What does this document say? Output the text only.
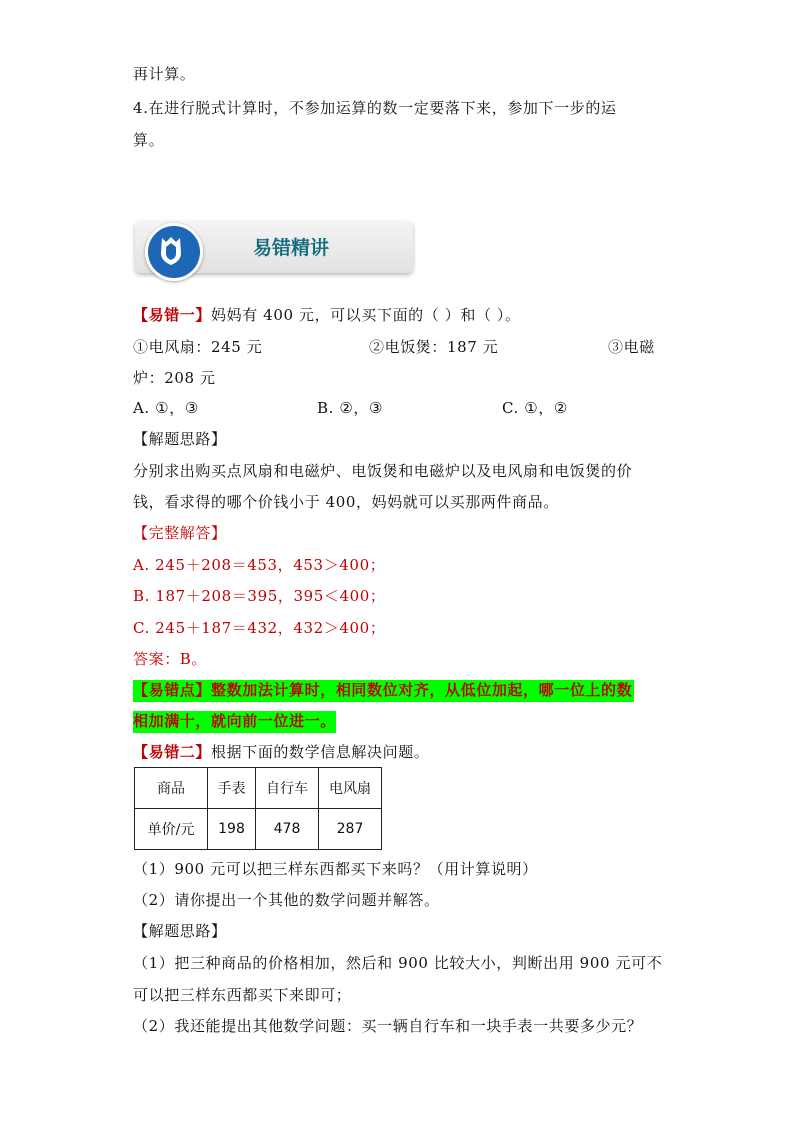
再计算。
4.在进行脱式计算时，不参加运算的数一定要落下来，参加下一步的运
算。
易错精讲
【易错一】妈妈有 400 元，可以买下面的（ ）和（ ）。
①电风扇：245 元	②电饭煲：187 元	③电磁
炉：208 元
A. ①，③	B. ②，③	C. ①，②
【解题思路】
分别求出购买点风扇和电磁炉、电饭煲和电磁炉以及电风扇和电饭煲的价
钱，看求得的哪个价钱小于 400，妈妈就可以买那两件商品。
【完整解答】
A. 245＋208＝453，453＞400；
B. 187＋208＝395，395＜400；
C. 245＋187＝432，432＞400；
答案：B。
【易错点】整数加法计算时，相同数位对齐，从低位加起，哪一位上的数
相加满十，就向前一位进一。
【易错二】根据下面的数学信息解决问题。
商品	手表	自行车	电风扇
单价/元	198	478	287
（1）900 元可以把三样东西都买下来吗？（用计算说明）
（2）请你提出一个其他的数学问题并解答。
【解题思路】
（1）把三种商品的价格相加，然后和 900 比较大小，判断出用 900 元可不
可以把三样东西都买下来即可；
（2）我还能提出其他数学问题：买一辆自行车和一块手表一共要多少元？
